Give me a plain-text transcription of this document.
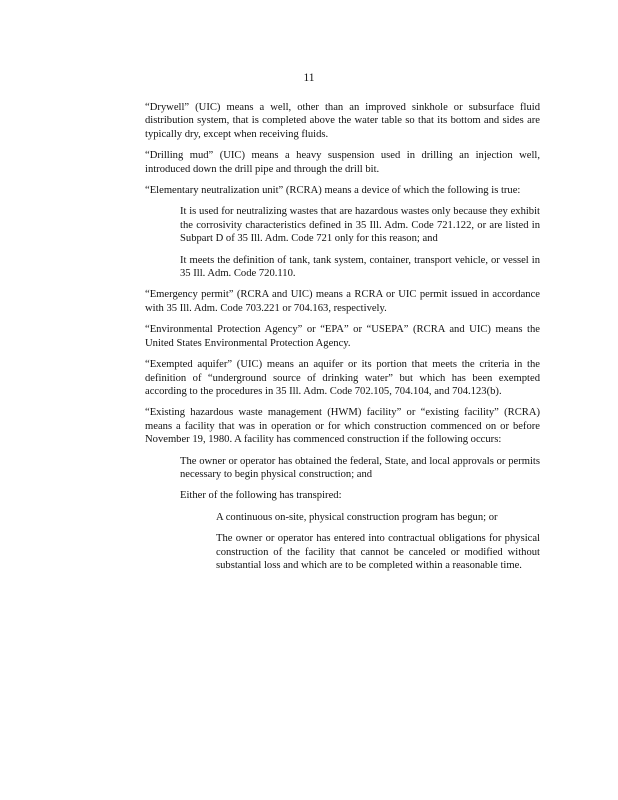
11

“Drywell” (UIC) means a well, other than an improved sinkhole or subsurface fluid distribution system, that is completed above the water table so that its bottom and sides are typically dry, except when receiving fluids.

“Drilling mud” (UIC) means a heavy suspension used in drilling an injection well, introduced down the drill pipe and through the drill bit.

“Elementary neutralization unit” (RCRA) means a device of which the following is true:

It is used for neutralizing wastes that are hazardous wastes only because they exhibit the corrosivity characteristics defined in 35 Ill. Adm. Code 721.122, or are listed in Subpart D of 35 Ill. Adm. Code 721 only for this reason; and

It meets the definition of tank, tank system, container, transport vehicle, or vessel in 35 Ill. Adm. Code 720.110.

“Emergency permit” (RCRA and UIC) means a RCRA or UIC permit issued in accordance with 35 Ill. Adm. Code 703.221 or 704.163, respectively.

“Environmental Protection Agency” or “EPA” or “USEPA” (RCRA and UIC) means the United States Environmental Protection Agency.

“Exempted aquifer” (UIC) means an aquifer or its portion that meets the criteria in the definition of “underground source of drinking water” but which has been exempted according to the procedures in 35 Ill. Adm. Code 702.105, 704.104, and 704.123(b).

“Existing hazardous waste management (HWM) facility” or “existing facility” (RCRA) means a facility that was in operation or for which construction commenced on or before November 19, 1980. A facility has commenced construction if the following occurs:

The owner or operator has obtained the federal, State, and local approvals or permits necessary to begin physical construction; and

Either of the following has transpired:

A continuous on-site, physical construction program has begun; or

The owner or operator has entered into contractual obligations for physical construction of the facility that cannot be canceled or modified without substantial loss and which are to be completed within a reasonable time.
